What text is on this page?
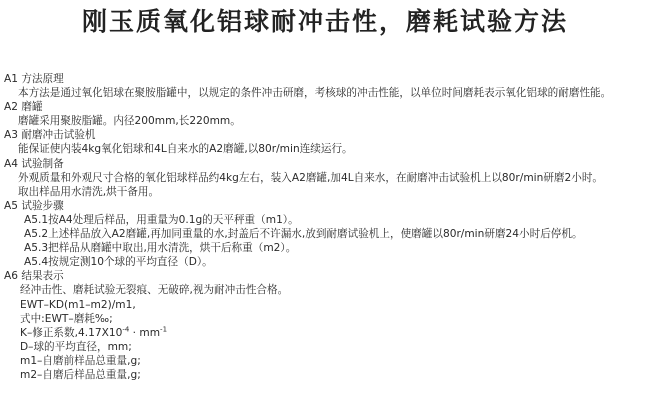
刚玉质氧化铝球耐冲击性，磨耗试验方法
A1 方法原理
本方法是通过氧化铝球在聚胺脂罐中，以规定的条件冲击研磨，考核球的冲击性能，以单位时间磨耗表示氧化铝球的耐磨性能。
A2 磨罐
磨罐采用聚胺脂罐。内径200mm,长220mm。
A3 耐磨冲击试验机
能保证使内装4kg氧化铝球和4L自来水的A2磨罐,以80r/min连续运行。
A4 试验制备
外观质量和外观尺寸合格的氧化铝球样品约4kg左右，装入A2磨罐,加4L自来水，在耐磨冲击试验机上以80r/min研磨2小时。
取出样品用水清洗,烘干备用。
A5 试验步骤
A5.1按A4处理后样品，用重量为0.1g的天平秤重（m1）。
A5.2上述样品放入A2磨罐,再加同重量的水,封盖后不许漏水,放到耐磨试验机上，使磨罐以80r/min研磨24小时后停机。
A5.3把样品从磨罐中取出,用水清洗，烘干后称重（m2）。
A5.4按规定测10个球的平均直径（D）。
A6 结果表示
经冲击性、磨耗试验无裂痕、无破碎,视为耐冲击性合格。
EWT–KD(m1–m2)/m1,
式中:EWT–磨耗‰;
K–修正系数$,4.17X10^{-4} \cdot mm^{-1}$
D–球的平均直径，mm;
m1–自磨前样品总重量,g;
m2–自磨后样品总重量,g;
